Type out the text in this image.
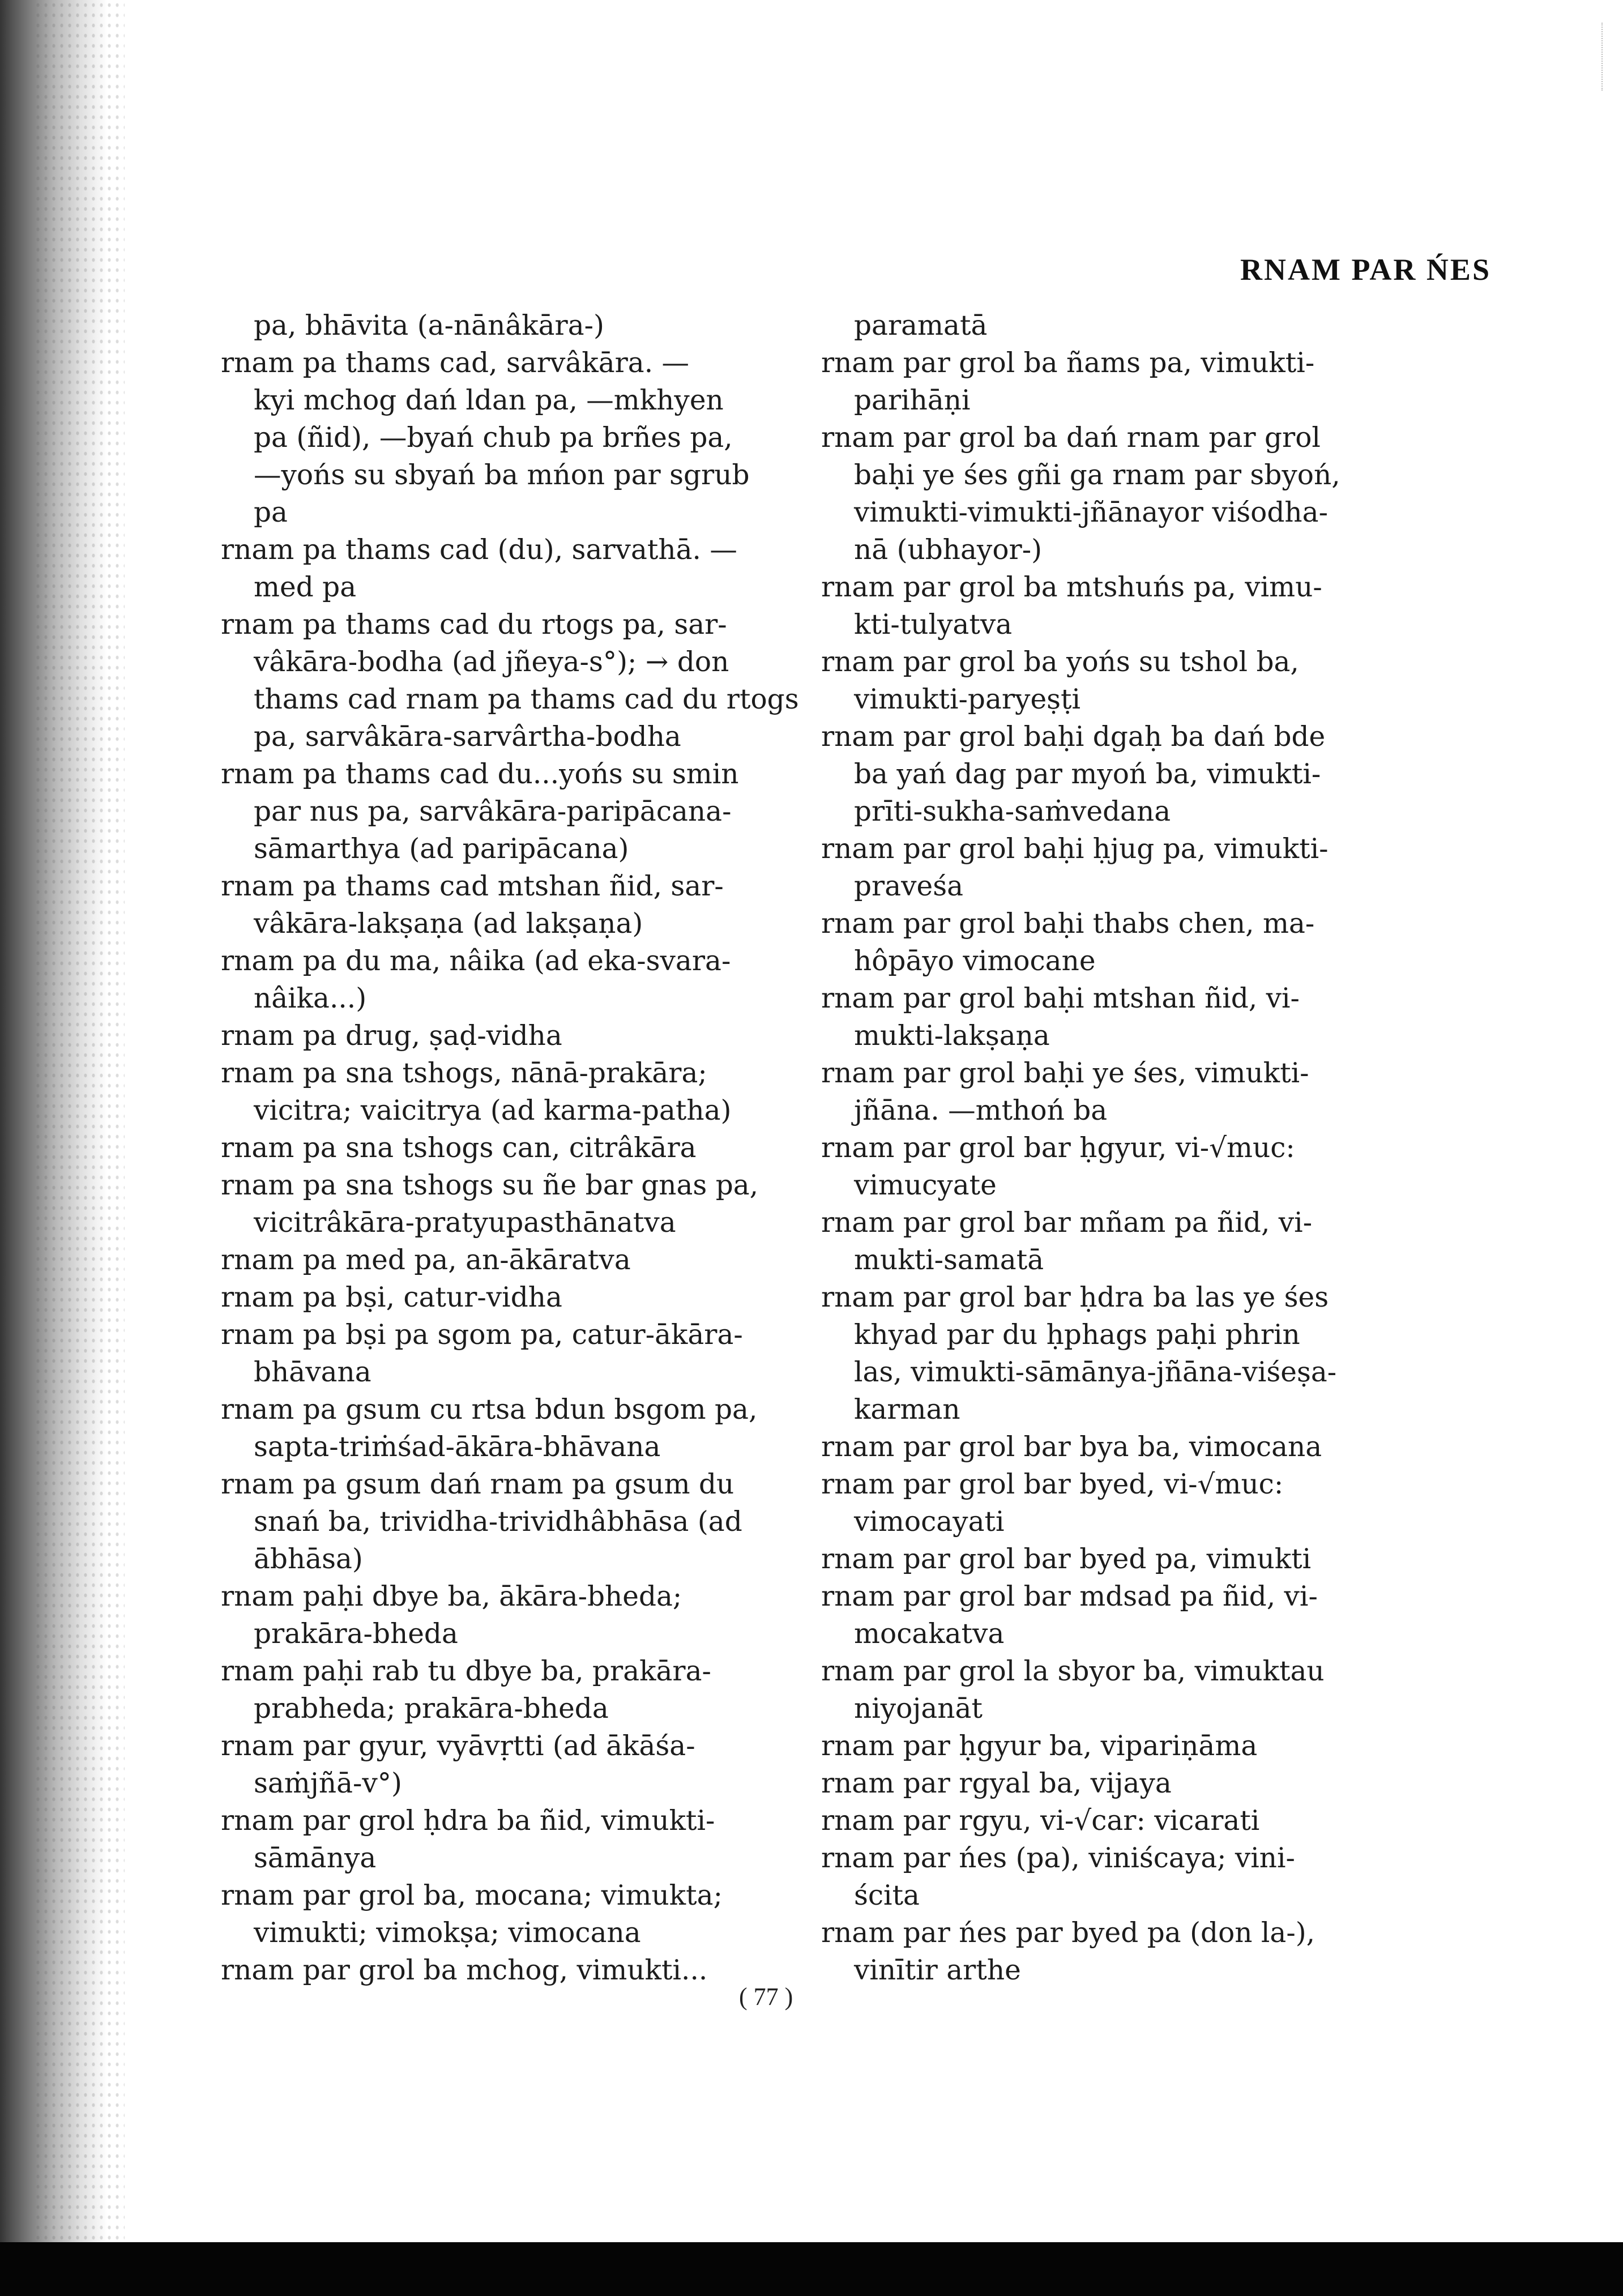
RNAM PAR ŃES
pa, bhāvita (a-nānâkāra-)
rnam pa thams cad, sarvâkāra. —
kyi mchog dań ldan pa, —mkhyen
pa (ñid), —byań chub pa brñes pa,
—yońs su sbyań ba mńon par sgrub
pa
rnam pa thams cad (du), sarvathā. —
med pa
rnam pa thams cad du rtogs pa, sar-
vâkāra-bodha (ad jñeya-s°); → don
thams cad rnam pa thams cad du rtogs
pa, sarvâkāra-sarvârtha-bodha
rnam pa thams cad du...yońs su smin
par nus pa, sarvâkāra-paripācana-
sāmarthya (ad paripācana)
rnam pa thams cad mtshan ñid, sar-
vâkāra-lakṣaṇa (ad lakṣaṇa)
rnam pa du ma, nâika (ad eka-svara-
nâika...)
rnam pa drug, ṣaḍ-vidha
rnam pa sna tshogs, nānā-prakāra;
vicitra; vaicitrya (ad karma-patha)
rnam pa sna tshogs can, citrâkāra
rnam pa sna tshogs su ñe bar gnas pa,
vicitrâkāra-pratyupasthānatva
rnam pa med pa, an-ākāratva
rnam pa bṣi, catur-vidha
rnam pa bṣi pa sgom pa, catur-ākāra-
bhāvana
rnam pa gsum cu rtsa bdun bsgom pa,
sapta-triṁśad-ākāra-bhāvana
rnam pa gsum dań rnam pa gsum du
snań ba, trividha-trividhâbhāsa (ad
ābhāsa)
rnam paḥi dbye ba, ākāra-bheda;
prakāra-bheda
rnam paḥi rab tu dbye ba, prakāra-
prabheda; prakāra-bheda
rnam par gyur, vyāvṛtti (ad ākāśa-
saṁjñā-v°)
rnam par grol ḥdra ba ñid, vimukti-
sāmānya
rnam par grol ba, mocana; vimukta;
vimukti; vimokṣa; vimocana
rnam par grol ba mchog, vimukti...
paramatā
rnam par grol ba ñams pa, vimukti-
parihāṇi
rnam par grol ba dań rnam par grol
baḥi ye śes gñi ga rnam par sbyoń,
vimukti-vimukti-jñānayor viśodha-
nā (ubhayor-)
rnam par grol ba mtshuńs pa, vimu-
kti-tulyatva
rnam par grol ba yońs su tshol ba,
vimukti-paryeṣṭi
rnam par grol baḥi dgaḥ ba dań bde
ba yań dag par myoń ba, vimukti-
prīti-sukha-saṁvedana
rnam par grol baḥi ḥjug pa, vimukti-
praveśa
rnam par grol baḥi thabs chen, ma-
hôpāyo vimocane
rnam par grol baḥi mtshan ñid, vi-
mukti-lakṣaṇa
rnam par grol baḥi ye śes, vimukti-
jñāna. —mthoń ba
rnam par grol bar ḥgyur, vi-√muc:
vimucyate
rnam par grol bar mñam pa ñid, vi-
mukti-samatā
rnam par grol bar ḥdra ba las ye śes
khyad par du ḥphags paḥi phrin
las, vimukti-sāmānya-jñāna-viśeṣa-
karman
rnam par grol bar bya ba, vimocana
rnam par grol bar byed, vi-√muc:
vimocayati
rnam par grol bar byed pa, vimukti
rnam par grol bar mdsad pa ñid, vi-
mocakatva
rnam par grol la sbyor ba, vimuktau
niyojanāt
rnam par ḥgyur ba, vipariṇāma
rnam par rgyal ba, vijaya
rnam par rgyu, vi-√car: vicarati
rnam par ńes (pa), viniścaya; vini-
ścita
rnam par ńes par byed pa (don la-),
vinītir arthe
( 77 )
